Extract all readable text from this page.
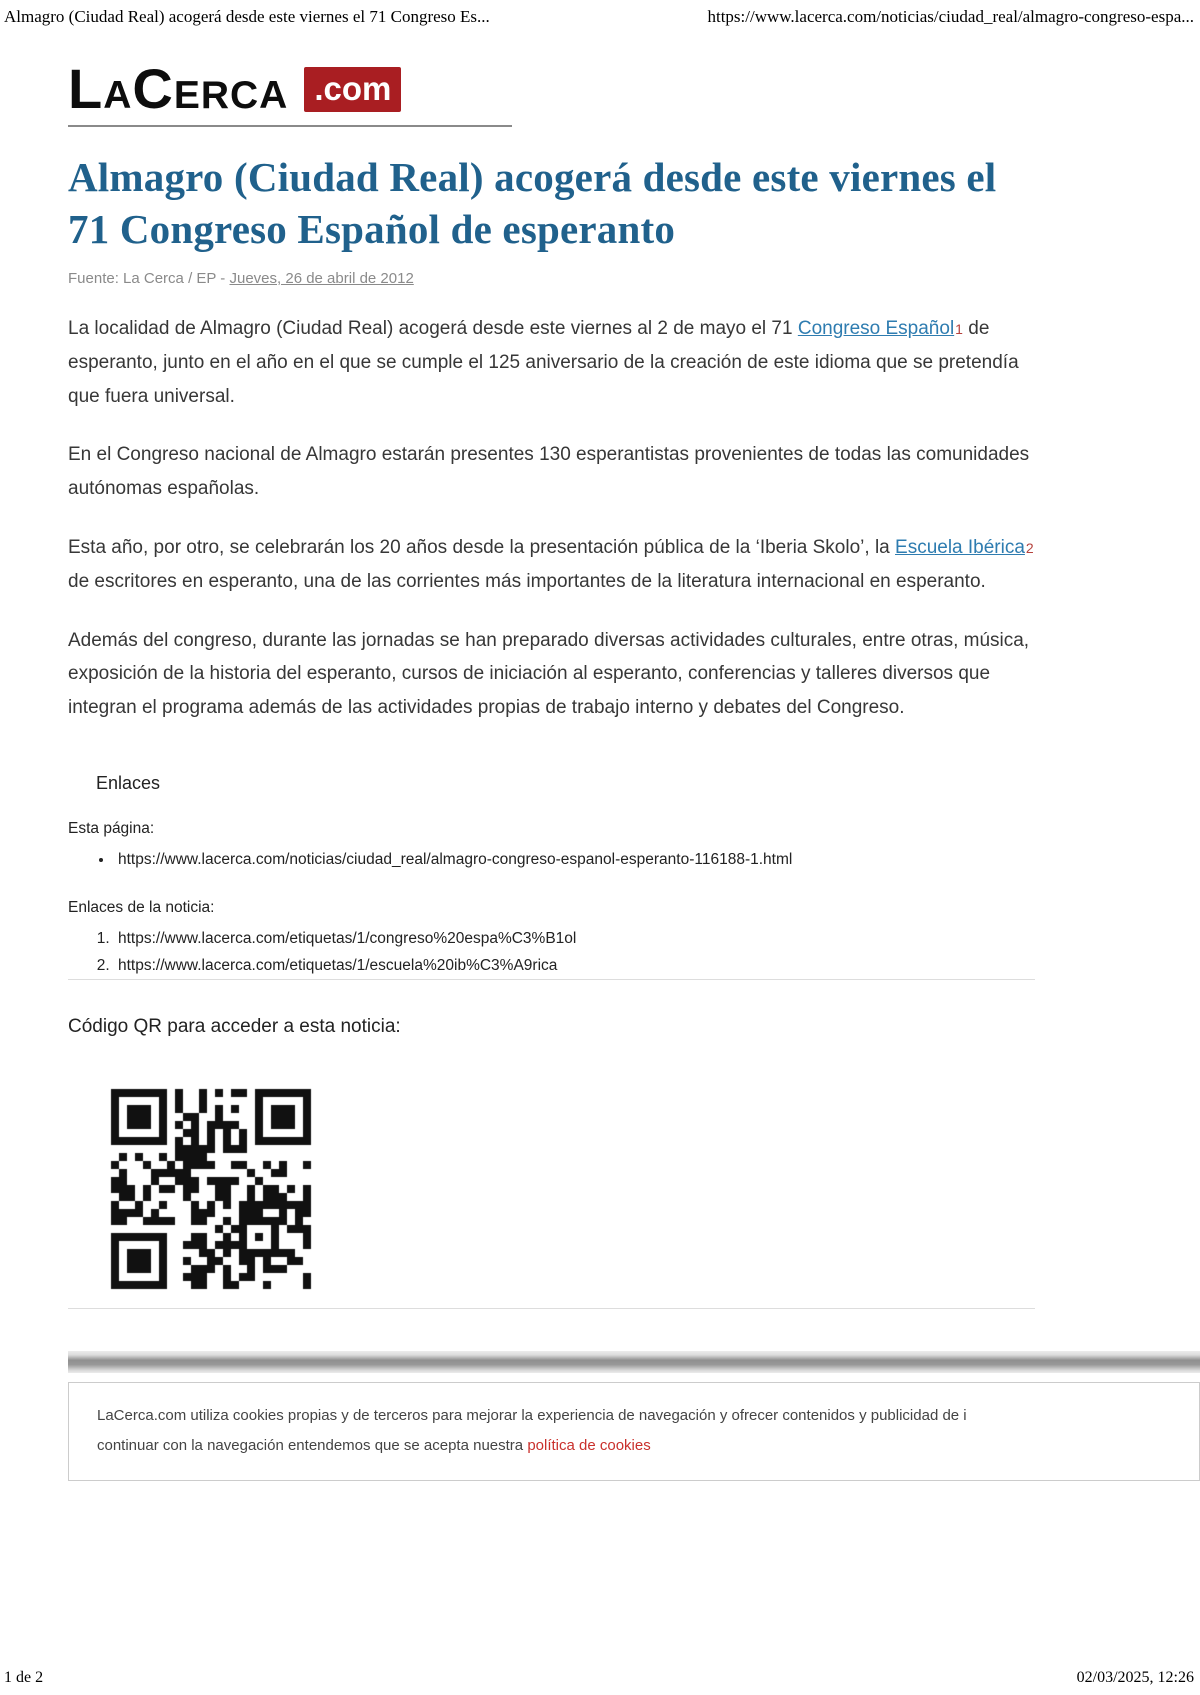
Almagro (Ciudad Real) acogerá desde este viernes el 71 Congreso Es...	https://www.lacerca.com/noticias/ciudad_real/almagro-congreso-espa...
LaCerca .com
Almagro (Ciudad Real) acogerá desde este viernes el 71 Congreso Español de esperanto
Fuente: La Cerca / EP - Jueves, 26 de abril de 2012

La localidad de Almagro (Ciudad Real) acogerá desde este viernes al 2 de mayo el 71 Congreso Español1 de esperanto, junto en el año en el que se cumple el 125 aniversario de la creación de este idioma que se pretendía que fuera universal.

En el Congreso nacional de Almagro estarán presentes 130 esperantistas provenientes de todas las comunidades autónomas españolas.

Esta año, por otro, se celebrarán los 20 años desde la presentación pública de la ‘Iberia Skolo’, la Escuela Ibérica2 de escritores en esperanto, una de las corrientes más importantes de la literatura internacional en esperanto.

Además del congreso, durante las jornadas se han preparado diversas actividades culturales, entre otras, música, exposición de la historia del esperanto, cursos de iniciación al esperanto, conferencias y talleres diversos que integran el programa además de las actividades propias de trabajo interno y debates del Congreso.

Enlaces
Esta página:
• https://www.lacerca.com/noticias/ciudad_real/almagro-congreso-espanol-esperanto-116188-1.html
Enlaces de la noticia:
1. https://www.lacerca.com/etiquetas/1/congreso%20espa%C3%B1ol
2. https://www.lacerca.com/etiquetas/1/escuela%20ib%C3%A9rica
Código QR para acceder a esta noticia:
LaCerca.com utiliza cookies propias y de terceros para mejorar la experiencia de navegación y ofrecer contenidos y publicidad de i
continuar con la navegación entendemos que se acepta nuestra política de cookies
1 de 2	02/03/2025, 12:26
